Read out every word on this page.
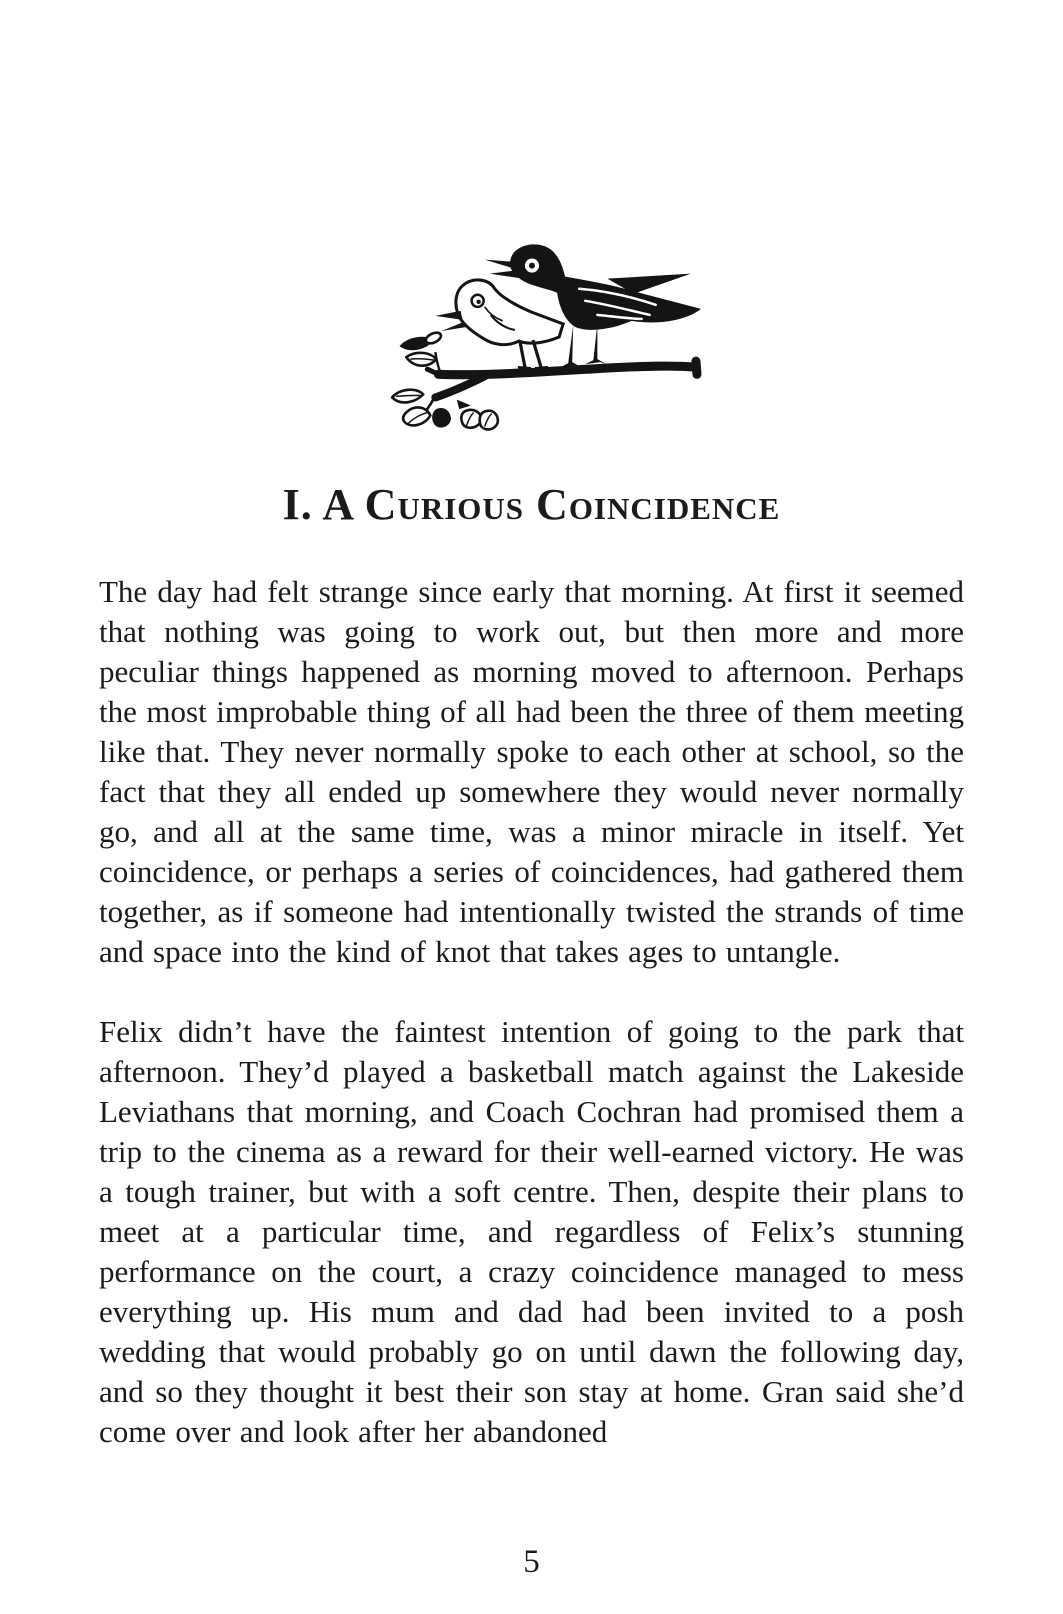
I. A Curious Coincidence

The day had felt strange since early that morning. At first it seemed that nothing was going to work out, but then more and more peculiar things happened as morning moved to afternoon. Perhaps the most improbable thing of all had been the three of them meeting like that. They never normally spoke to each other at school, so the fact that they all ended up somewhere they would never normally go, and all at the same time, was a minor miracle in itself. Yet coincidence, or perhaps a series of coincidences, had gathered them together, as if someone had intentionally twisted the strands of time and space into the kind of knot that takes ages to untangle.

Felix didn’t have the faintest intention of going to the park that afternoon. They’d played a basketball match against the Lakeside Leviathans that morning, and Coach Cochran had promised them a trip to the cinema as a reward for their well-earned victory. He was a tough trainer, but with a soft centre. Then, despite their plans to meet at a particular time, and regardless of Felix’s stunning performance on the court, a crazy coincidence managed to mess everything up. His mum and dad had been invited to a posh wedding that would probably go on until dawn the following day, and so they thought it best their son stay at home. Gran said she’d come over and look after her abandoned

5
